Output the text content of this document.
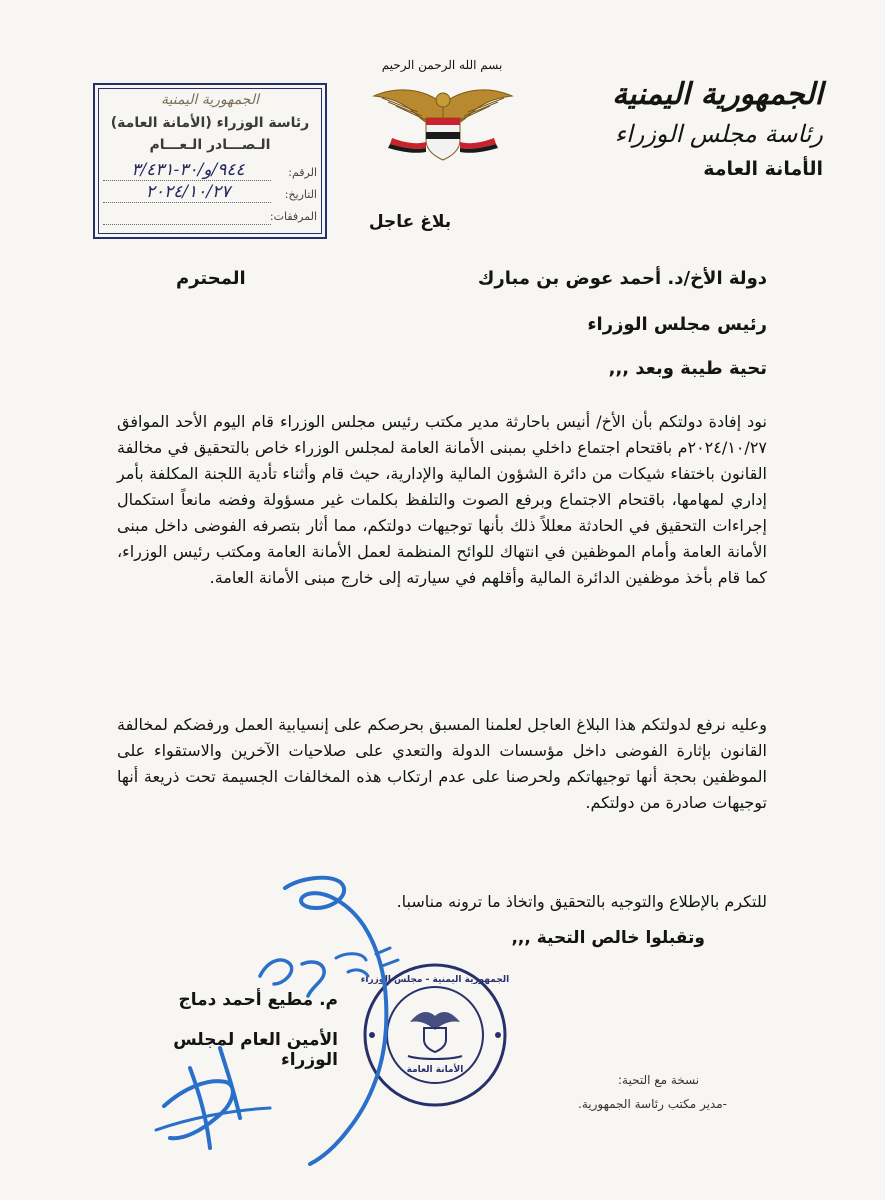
الجمهورية اليمنية
رئاسة مجلس الوزراء
الأمانة العامة
بسم الله الرحمن الرحيم
الجمهورية اليمنية
رئاسة الوزراء (الأمانة العامة)
الـصـــادر الـعـــام
الرقم:
٩٤٤/و/٣٠-٣/٤٣١
التاريخ:
٢٠٢٤/١٠/٢٧
المرفقات:	بلاغ عاجل
دولة الأخ/د. أحمد عوض بن مبارك
المحترم
رئيس مجلس الوزراء
تحية طيبة وبعد ,,,
نود إفادة دولتكم بأن الأخ/ أنيس باحارثة مدير مكتب رئيس مجلس الوزراء قام اليوم الأحد الموافق ٢٠٢٤/١٠/٢٧م باقتحام اجتماع داخلي بمبنى الأمانة العامة لمجلس الوزراء خاص بالتحقيق في مخالفة القانون باختفاء شيكات من دائرة الشؤون المالية والإدارية، حيث قام وأثناء تأدية اللجنة المكلفة بأمر إداري لمهامها، باقتحام الاجتماع وبرفع الصوت والتلفظ بكلمات غير مسؤولة وفضه مانعاً استكمال إجراءات التحقيق في الحادثة معللاً ذلك بأنها توجيهات دولتكم، مما أثار بتصرفه الفوضى داخل مبنى الأمانة العامة وأمام الموظفين في انتهاك للوائح المنظمة لعمل الأمانة العامة ومكتب رئيس الوزراء، كما قام بأخذ موظفين الدائرة المالية وأقلهم في سيارته إلى خارج مبنى الأمانة العامة.
وعليه نرفع لدولتكم هذا البلاغ العاجل لعلمنا المسبق بحرصكم على إنسيابية العمل ورفضكم لمخالفة القانون بإثارة الفوضى داخل مؤسسات الدولة والتعدي على صلاحيات الآخرين والاستقواء على الموظفين بحجة أنها توجيهاتكم ولحرصنا على عدم ارتكاب هذه المخالفات الجسيمة تحت ذريعة أنها توجيهات صادرة من دولتكم.
للتكرم بالإطلاع والتوجيه بالتحقيق واتخاذ ما ترونه مناسبا.
وتقبلوا خالص التحية ,,,
الأمانة العامة
الجمهورية اليمنية - مجلس الوزراء
م. مطيع أحمد دماج
الأمين العام لمجلس الوزراء
نسخة مع التحية:
-مدير مكتب رئاسة الجمهورية.
